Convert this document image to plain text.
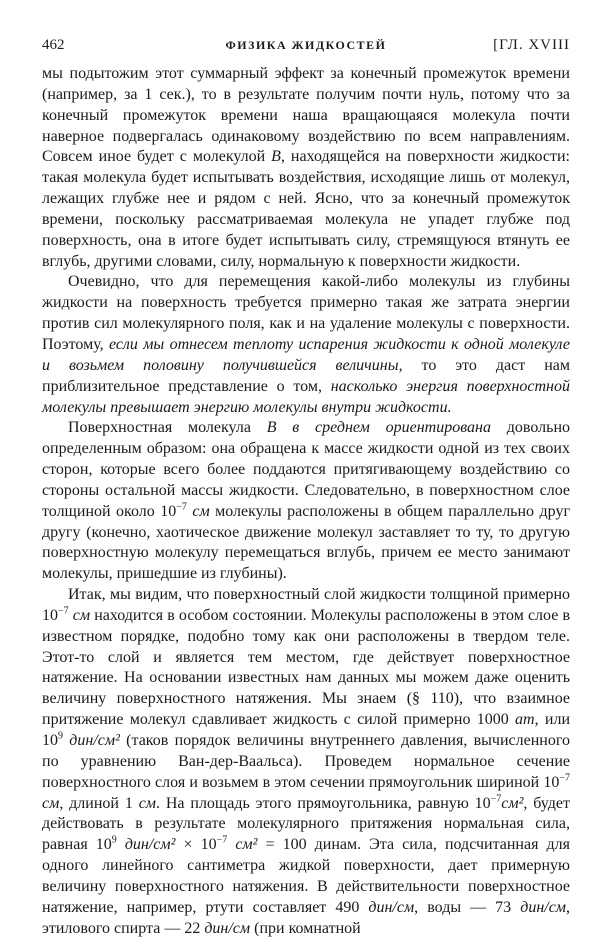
462	ФИЗИКА ЖИДКОСТЕЙ	[ГЛ. XVIII

мы подытожим этот суммарный эффект за конечный промежуток времени (например, за 1 сек.), то в результате получим почти нуль, потому что за конечный промежуток времени наша вращающаяся молекула почти наверное подвергалась одинаковому воздействию по всем направлениям. Совсем иное будет с молекулой В, находящейся на поверхности жидкости: такая молекула будет испытывать воздействия, исходящие лишь от молекул, лежащих глубже нее и рядом с ней. Ясно, что за конечный промежуток времени, поскольку рассматриваемая молекула не упадет глубже под поверхность, она в итоге будет испытывать силу, стремящуюся втянуть ее вглубь, другими словами, силу, нормальную к поверхности жидкости.

Очевидно, что для перемещения какой-либо молекулы из глубины жидкости на поверхность требуется примерно такая же затрата энергии против сил молекулярного поля, как и на удаление молекулы с поверхности. Поэтому, если мы отнесем теплоту испарения жидкости к одной молекуле и возьмем половину получившейся величины, то это даст нам приблизительное представление о том, насколько энергия поверхностной молекулы превышает энергию молекулы внутри жидкости.

Поверхностная молекула В в среднем ориентирована довольно определенным образом: она обращена к массе жидкости одной из тех своих сторон, которые всего более поддаются притягивающему воздействию со стороны остальной массы жидкости. Следовательно, в поверхностном слое толщиной около $10^{-7}$ см молекулы расположены в общем параллельно друг другу (конечно, хаотическое движение молекул заставляет то ту, то другую поверхностную молекулу перемещаться вглубь, причем ее место занимают молекулы, пришедшие из глубины).

Итак, мы видим, что поверхностный слой жидкости толщиной примерно $10^{-7}$ см находится в особом состоянии. Молекулы расположены в этом слое в известном порядке, подобно тому как они расположены в твердом теле. Этот-то слой и является тем местом, где действует поверхностное натяжение. На основании известных нам данных мы можем даже оценить величину поверхностного натяжения. Мы знаем (§ 110), что взаимное притяжение молекул сдавливает жидкость с силой примерно 1000 ат, или $10^9$ дин/см² (таков порядок величины внутреннего давления, вычисленного по уравнению Ван-дер-Ваальса). Проведем нормальное сечение поверхностного слоя и возьмем в этом сечении прямоугольник шириной $10^{-7}$ см, длиной 1 см. На площадь этого прямоугольника, равную $10^{-7}см^2$, будет действовать в результате молекулярного притяжения нормальная сила, равная $10^9$ $дин/см^2 \times 10^{-7}$ см² = 100 динам. Эта сила, подсчитанная для одного линейного сантиметра жидкой поверхности, дает примерную величину поверхностного натяжения. В действительности поверхностное натяжение, например, ртути составляет 490 дин/см, воды — 73 дин/см, этилового спирта — 22 дин/см (при комнатной
